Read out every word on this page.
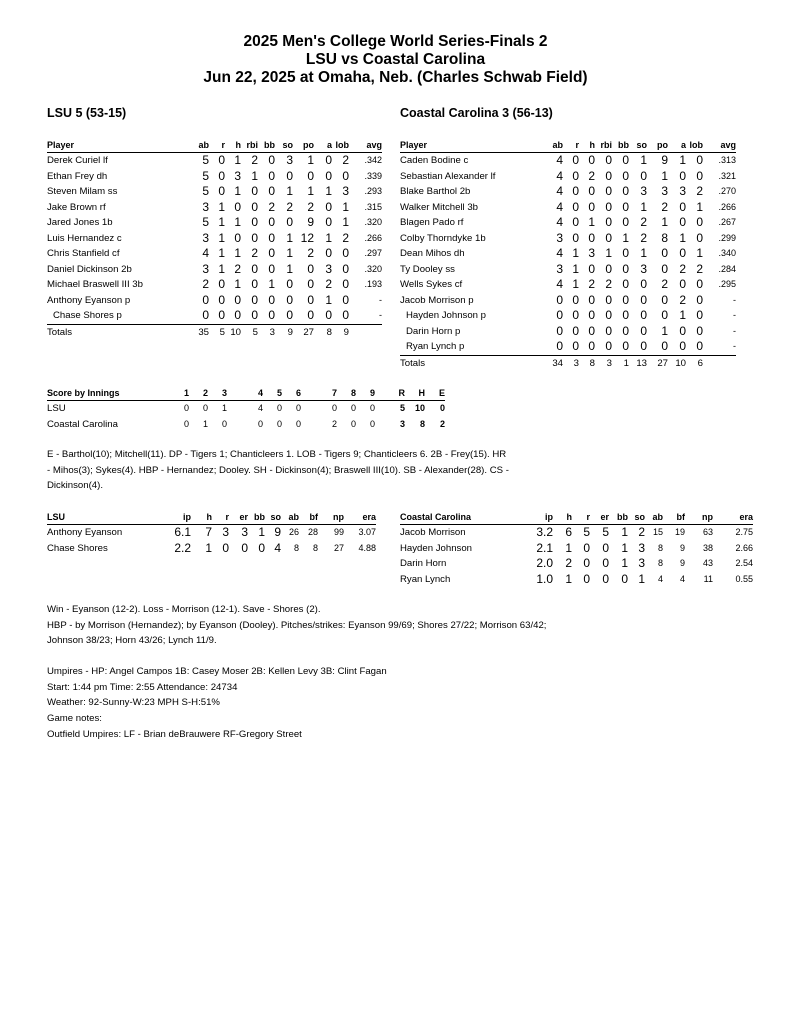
2025 Men's College World Series-Finals 2
LSU vs Coastal Carolina
Jun 22, 2025 at Omaha, Neb. (Charles Schwab Field)
LSU 5 (53-15)	Coastal Carolina 3 (56-13)
Player	ab	r	h	rbi	bb	so	po	a	lob	avg
Derek Curiel lf	5	0	1	2	0	3	1	0	2	.342
Ethan Frey dh	5	0	3	1	0	0	0	0	0	.339
Steven Milam ss	5	0	1	0	0	1	1	1	3	.293
Jake Brown rf	3	1	0	0	2	2	2	0	1	.315
Jared Jones 1b	5	1	1	0	0	0	9	0	1	.320
Luis Hernandez c	3	1	0	0	0	1	12	1	2	.266
Chris Stanfield cf	4	1	1	2	0	1	2	0	0	.297
Daniel Dickinson 2b	3	1	2	0	0	1	0	3	0	.320
Michael Braswell III 3b	2	0	1	0	1	0	0	2	0	.193
Anthony Eyanson p	0	0	0	0	0	0	0	1	0	-
Chase Shores p	0	0	0	0	0	0	0	0	0	-
Totals	35	5	10	5	3	9	27	8	9	
Player	ab	r	h	rbi	bb	so	po	a	lob	avg
Caden Bodine c	4	0	0	0	0	1	9	1	0	.313
Sebastian Alexander lf	4	0	2	0	0	0	1	0	0	.321
Blake Barthol 2b	4	0	0	0	0	3	3	3	2	.270
Walker Mitchell 3b	4	0	0	0	0	1	2	0	1	.266
Blagen Pado rf	4	0	1	0	0	2	1	0	0	.267
Colby Thorndyke 1b	3	0	0	0	1	2	8	1	0	.299
Dean Mihos dh	4	1	3	1	0	1	0	0	1	.340
Ty Dooley ss	3	1	0	0	0	3	0	2	2	.284
Wells Sykes cf	4	1	2	2	0	0	2	0	0	.295
Jacob Morrison p	0	0	0	0	0	0	0	2	0	-
Hayden Johnson p	0	0	0	0	0	0	0	1	0	-
Darin Horn p	0	0	0	0	0	0	1	0	0	-
Ryan Lynch p	0	0	0	0	0	0	0	0	0	-
Totals	34	3	8	3	1	13	27	10	6	
Score by Innings	1	2	3	4	5	6	7	8	9	R	H	E
LSU	0	0	1	4	0	0	0	0	0	5	10	0
Coastal Carolina	0	1	0	0	0	0	2	0	0	3	8	2
E - Barthol(10); Mitchell(11). DP - Tigers 1; Chanticleers 1. LOB - Tigers 9; Chanticleers 6. 2B - Frey(15). HR
- Mihos(3); Sykes(4). HBP - Hernandez; Dooley. SH - Dickinson(4); Braswell III(10). SB - Alexander(28). CS -
Dickinson(4).
LSU	ip	h	r	er	bb	so	ab	bf	np	era
Anthony Eyanson	6.1	7	3	3	1	9	26	28	99	3.07
Chase Shores	2.2	1	0	0	0	4	8	8	27	4.88
Coastal Carolina	ip	h	r	er	bb	so	ab	bf	np	era
Jacob Morrison	3.2	6	5	5	1	2	15	19	63	2.75
Hayden Johnson	2.1	1	0	0	1	3	8	9	38	2.66
Darin Horn	2.0	2	0	0	1	3	8	9	43	2.54
Ryan Lynch	1.0	1	0	0	0	1	4	4	11	0.55
Win - Eyanson (12-2). Loss - Morrison (12-1). Save - Shores (2).
HBP - by Morrison (Hernandez); by Eyanson (Dooley). Pitches/strikes: Eyanson 99/69; Shores 27/22; Morrison 63/42;
Johnson 38/23; Horn 43/26; Lynch 11/9.
Umpires - HP: Angel Campos 1B: Casey Moser 2B: Kellen Levy 3B: Clint Fagan
Start: 1:44 pm Time: 2:55 Attendance: 24734
Weather: 92-Sunny-W:23 MPH S-H:51%
Game notes:
Outfield Umpires: LF - Brian deBrauwere RF-Gregory Street
